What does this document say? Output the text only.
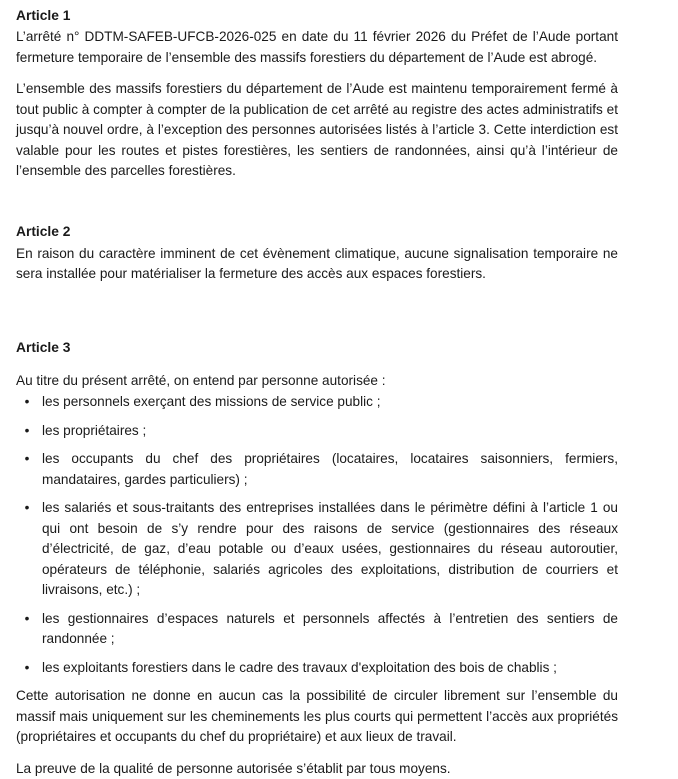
Article 1

L’arrêté n° DDTM-SAFEB-UFCB-2026-025 en date du 11 février 2026 du Préfet de l’Aude portant fermeture temporaire de l’ensemble des massifs forestiers du département de l’Aude est abrogé.

L’ensemble des massifs forestiers du département de l’Aude est maintenu temporairement fermé à tout public à compter à compter de la publication de cet arrêté au registre des actes administratifs et jusqu’à nouvel ordre, à l’exception des personnes autorisées listés à l’article 3. Cette interdiction est valable pour les routes et pistes forestières, les sentiers de randonnées, ainsi qu’à l’intérieur de l’ensemble des parcelles forestières.

Article 2

En raison du caractère imminent de cet évènement climatique, aucune signalisation temporaire ne sera installée pour matérialiser la fermeture des accès aux espaces forestiers.

Article 3

Au titre du présent arrêté, on entend par personne autorisée :

• les personnels exerçant des missions de service public ;
• les propriétaires ;
• les occupants du chef des propriétaires (locataires, locataires saisonniers, fermiers, mandataires, gardes particuliers) ;
• les salariés et sous-traitants des entreprises installées dans le périmètre défini à l’article 1 ou qui ont besoin de s’y rendre pour des raisons de service (gestionnaires des réseaux d’électricité, de gaz, d’eau potable ou d’eaux usées, gestionnaires du réseau autoroutier, opérateurs de téléphonie, salariés agricoles des exploitations, distribution de courriers et livraisons, etc.) ;
• les gestionnaires d’espaces naturels et personnels affectés à l’entretien des sentiers de randonnée ;
• les exploitants forestiers dans le cadre des travaux d'exploitation des bois de chablis ;

Cette autorisation ne donne en aucun cas la possibilité de circuler librement sur l’ensemble du massif mais uniquement sur les cheminements les plus courts qui permettent l’accès aux propriétés (propriétaires et occupants du chef du propriétaire) et aux lieux de travail.

La preuve de la qualité de personne autorisée s’établit par tous moyens.
